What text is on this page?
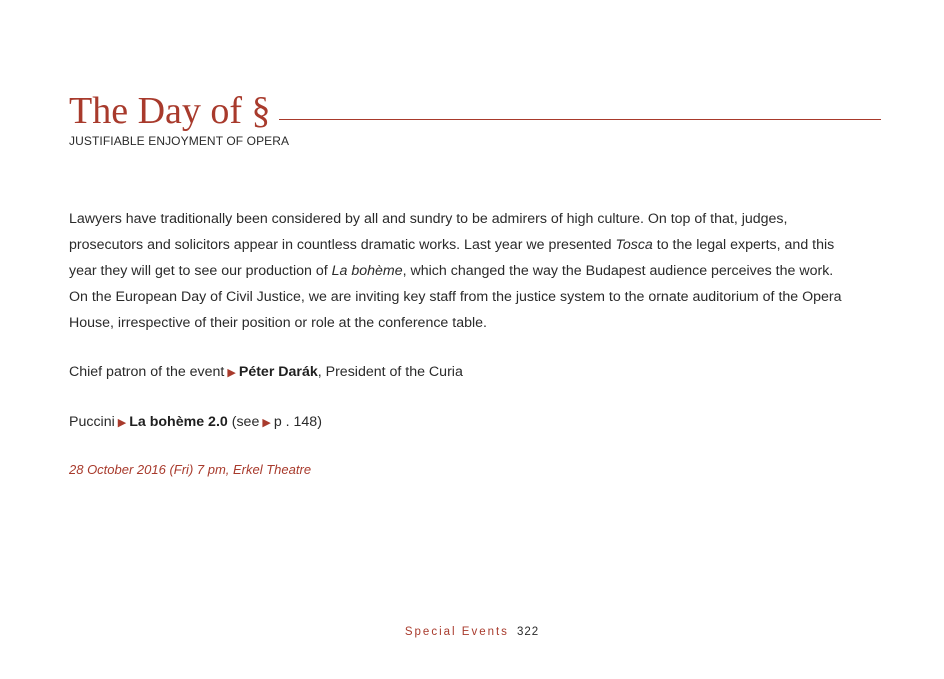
The Day of §
JUSTIFIABLE ENJOYMENT OF OPERA

Lawyers have traditionally been considered by all and sundry to be admirers of high culture. On top of that, judges,
prosecutors and solicitors appear in countless dramatic works. Last year we presented Tosca to the legal experts, and this
year they will get to see our production of La bohème, which changed the way the Budapest audience perceives the work.
On the European Day of Civil Justice, we are inviting key staff from the justice system to the ornate auditorium of the Opera
House, irrespective of their position or role at the conference table.

Chief patron of the event ▶ Péter Darák, President of the Curia
Puccini ▶ La bohème 2.0 (see ▶ p . 148)
28 October 2016 (Fri) 7 pm, Erkel Theatre
Special Events 322
